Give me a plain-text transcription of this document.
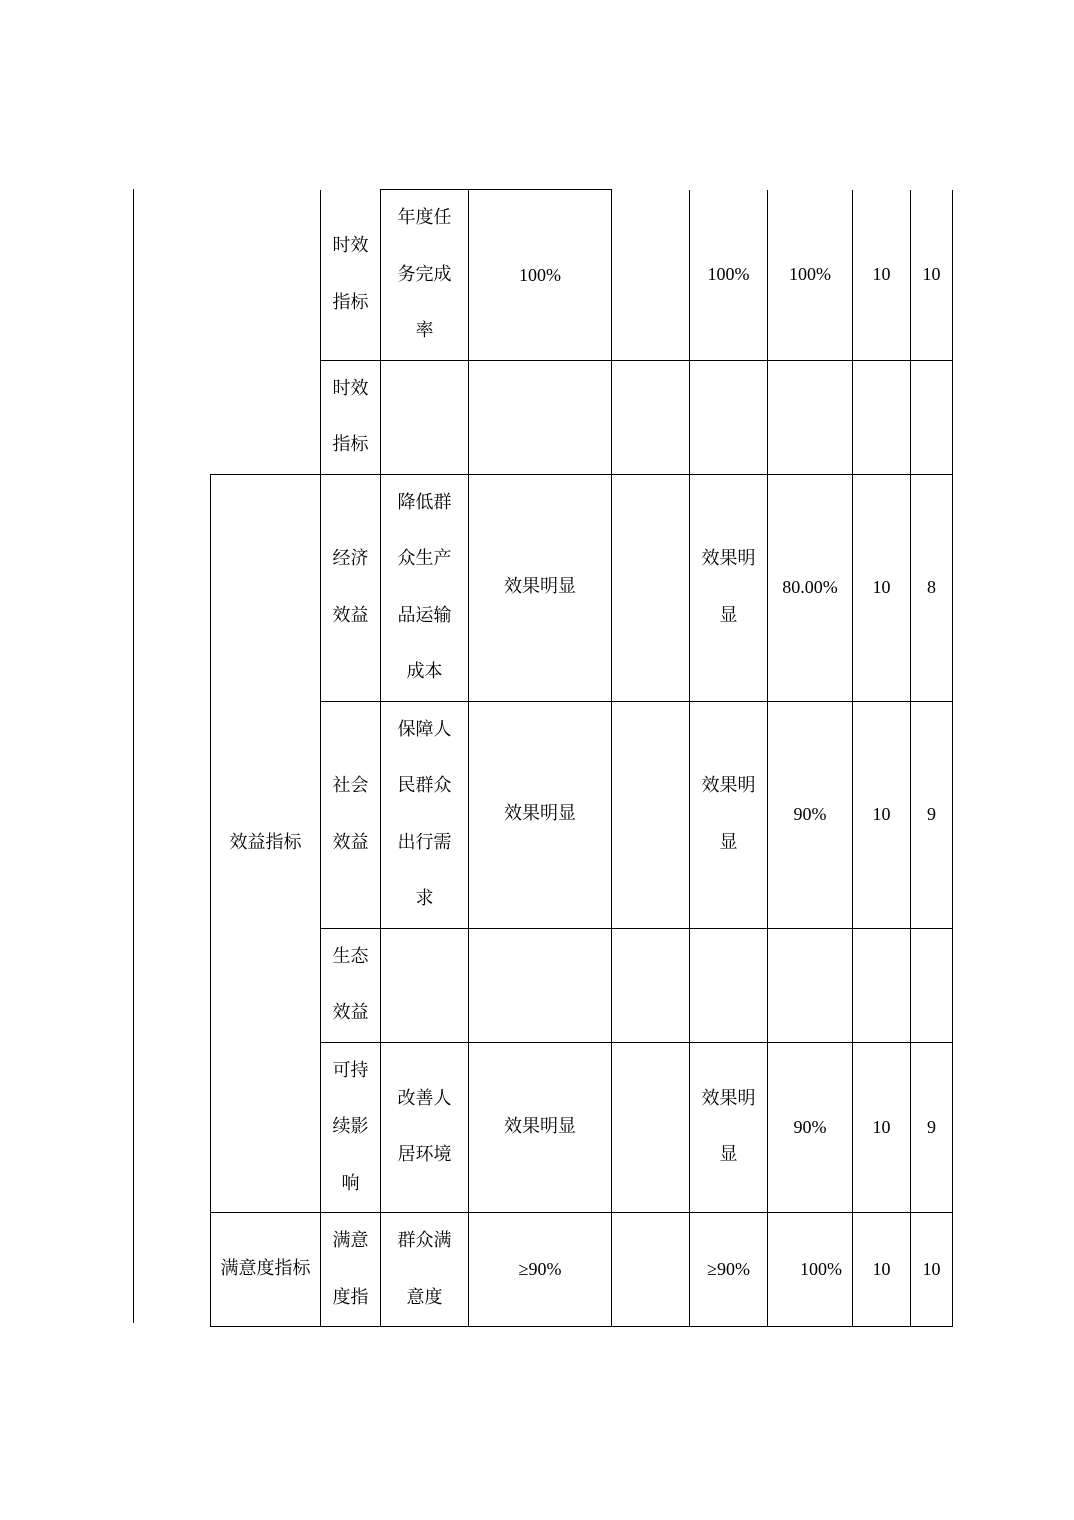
	时效指标	年度任务完成率	100%		100%	100%	10	10

	时效指标							

效益指标	经济效益	降低群众生产品运输成本	效果明显		效果明显	80.00%	10	8

	社会效益	保障人民群众出行需求	效果明显		效果明显	90%	10	9

	生态效益							

	可持续影响	改善人居环境	效果明显		效果明显	90%	10	9
满意度指标	满意度指	群众满意度	≥90%		≥90%	100%	10	10
